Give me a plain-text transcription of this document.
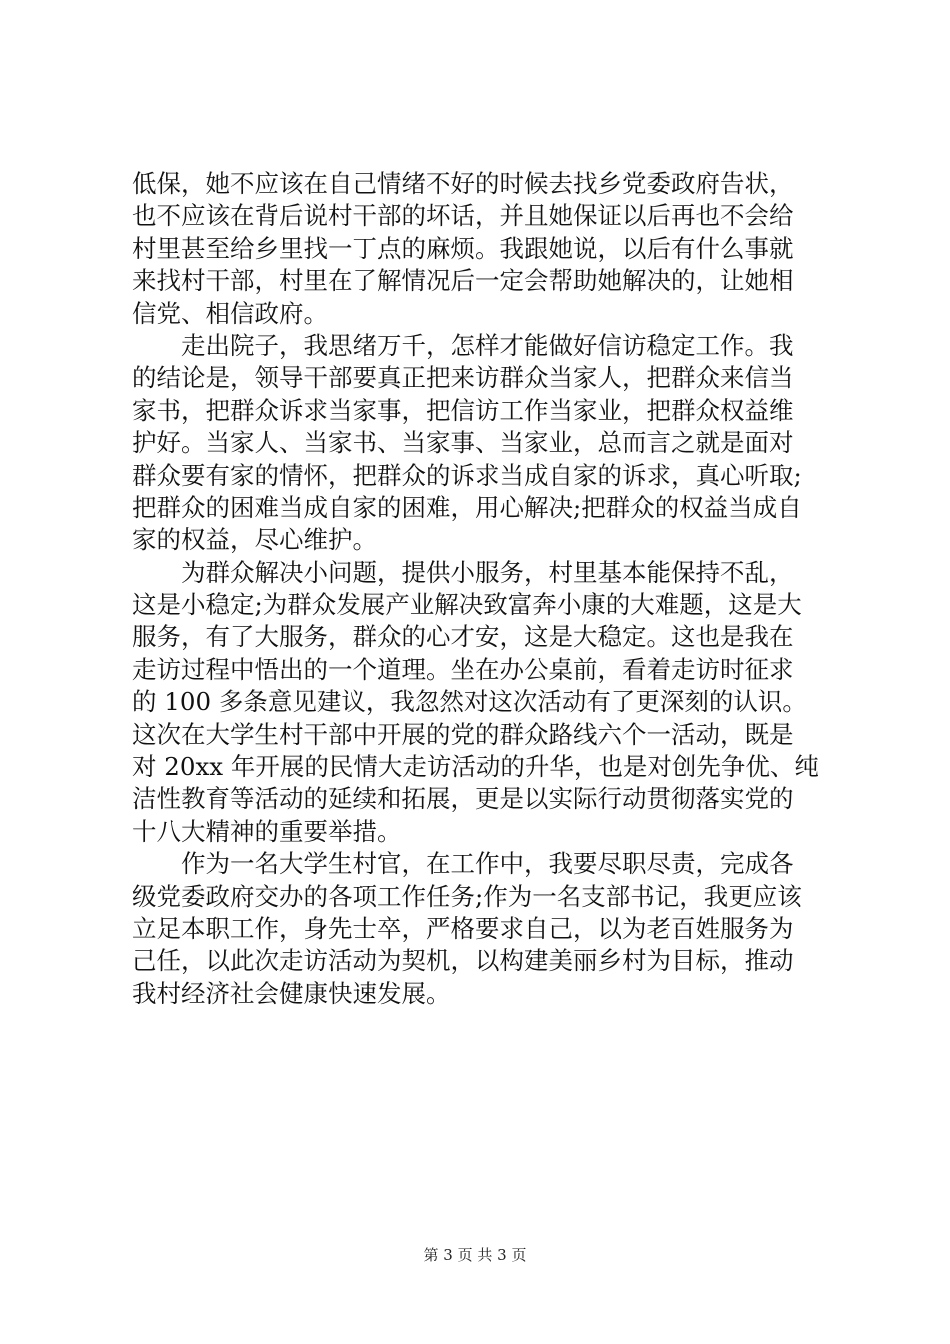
低保，她不应该在自己情绪不好的时候去找乡党委政府告状，
也不应该在背后说村干部的坏话，并且她保证以后再也不会给
村里甚至给乡里找一丁点的麻烦。我跟她说，以后有什么事就
来找村干部，村里在了解情况后一定会帮助她解决的，让她相
信党、相信政府。
　　走出院子，我思绪万千，怎样才能做好信访稳定工作。我
的结论是，领导干部要真正把来访群众当家人，把群众来信当
家书，把群众诉求当家事，把信访工作当家业，把群众权益维
护好。当家人、当家书、当家事、当家业，总而言之就是面对
群众要有家的情怀，把群众的诉求当成自家的诉求，真心听取;
把群众的困难当成自家的困难，用心解决;把群众的权益当成自
家的权益，尽心维护。
　　为群众解决小问题，提供小服务，村里基本能保持不乱，
这是小稳定;为群众发展产业解决致富奔小康的大难题，这是大
服务，有了大服务，群众的心才安，这是大稳定。这也是我在
走访过程中悟出的一个道理。坐在办公桌前，看着走访时征求
的 100 多条意见建议，我忽然对这次活动有了更深刻的认识。
这次在大学生村干部中开展的党的群众路线六个一活动，既是
对 20xx 年开展的民情大走访活动的升华，也是对创先争优、纯
洁性教育等活动的延续和拓展，更是以实际行动贯彻落实党的
十八大精神的重要举措。
　　作为一名大学生村官，在工作中，我要尽职尽责，完成各
级党委政府交办的各项工作任务;作为一名支部书记，我更应该
立足本职工作，身先士卒，严格要求自己，以为老百姓服务为
己任，以此次走访活动为契机，以构建美丽乡村为目标，推动
我村经济社会健康快速发展。
第 3 页 共 3 页
